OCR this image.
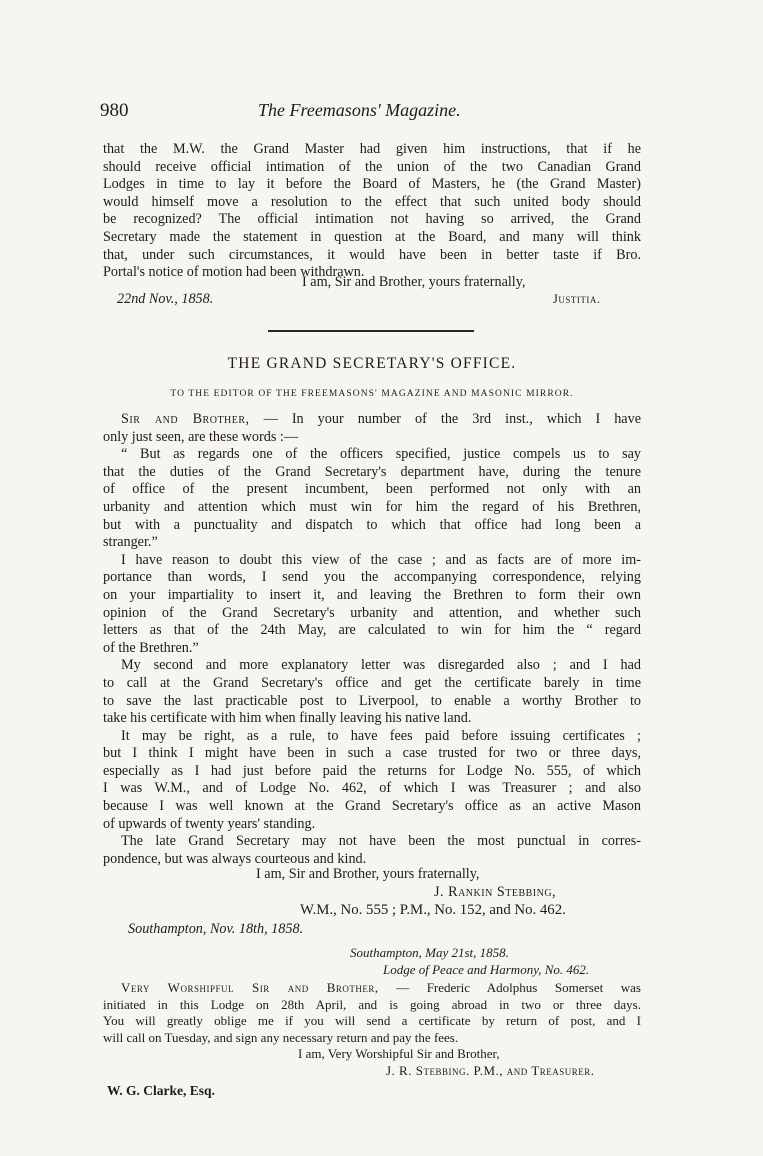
980	The Freemasons' Magazine.
that the M.W. the Grand Master had given him instructions, that if he
should receive official intimation of the union of the two Canadian Grand
Lodges in time to lay it before the Board of Masters, he (the Grand Master)
would himself move a resolution to the effect that such united body should
be recognized? The official intimation not having so arrived, the Grand
Secretary made the statement in question at the Board, and many will think
that, under such circumstances, it would have been in better taste if Bro.
Portal's notice of motion had been withdrawn.
I am, Sir and Brother, yours fraternally,
22nd Nov., 1858.	Justitia.
THE GRAND SECRETARY'S OFFICE.
TO THE EDITOR OF THE FREEMASONS' MAGAZINE AND MASONIC MIRROR.
Sir and Brother, — In your number of the 3rd inst., which I have
only just seen, are these words :—
“ But as regards one of the officers specified, justice compels us to say
that the duties of the Grand Secretary's department have, during the tenure
of office of the present incumbent, been performed not only with an
urbanity and attention which must win for him the regard of his Brethren,
but with a punctuality and dispatch to which that office had long been a
stranger.”
I have reason to doubt this view of the case ; and as facts are of more im-
portance than words, I send you the accompanying correspondence, relying
on your impartiality to insert it, and leaving the Brethren to form their own
opinion of the Grand Secretary's urbanity and attention, and whether such
letters as that of the 24th May, are calculated to win for him the “ regard
of the Brethren.”
My second and more explanatory letter was disregarded also ; and I had
to call at the Grand Secretary's office and get the certificate barely in time
to save the last practicable post to Liverpool, to enable a worthy Brother to
take his certificate with him when finally leaving his native land.
It may be right, as a rule, to have fees paid before issuing certificates ;
but I think I might have been in such a case trusted for two or three days,
especially as I had just before paid the returns for Lodge No. 555, of which
I was W.M., and of Lodge No. 462, of which I was Treasurer ; and also
because I was well known at the Grand Secretary's office as an active Mason
of upwards of twenty years' standing.
The late Grand Secretary may not have been the most punctual in corres-
pondence, but was always courteous and kind.
I am, Sir and Brother, yours fraternally,
J. Rankin Stebbing,
W.M., No. 555 ; P.M., No. 152, and No. 462.
Southampton, Nov. 18th, 1858.
Southampton, May 21st, 1858.
Lodge of Peace and Harmony, No. 462.
Very Worshipful Sir and Brother, — Frederic Adolphus Somerset was
initiated in this Lodge on 28th April, and is going abroad in two or three days.
You will greatly oblige me if you will send a certificate by return of post, and I
will call on Tuesday, and sign any necessary return and pay the fees.
I am, Very Worshipful Sir and Brother,
J. R. Stebbing. P.M., and Treasurer.
W. G. Clarke, Esq.
